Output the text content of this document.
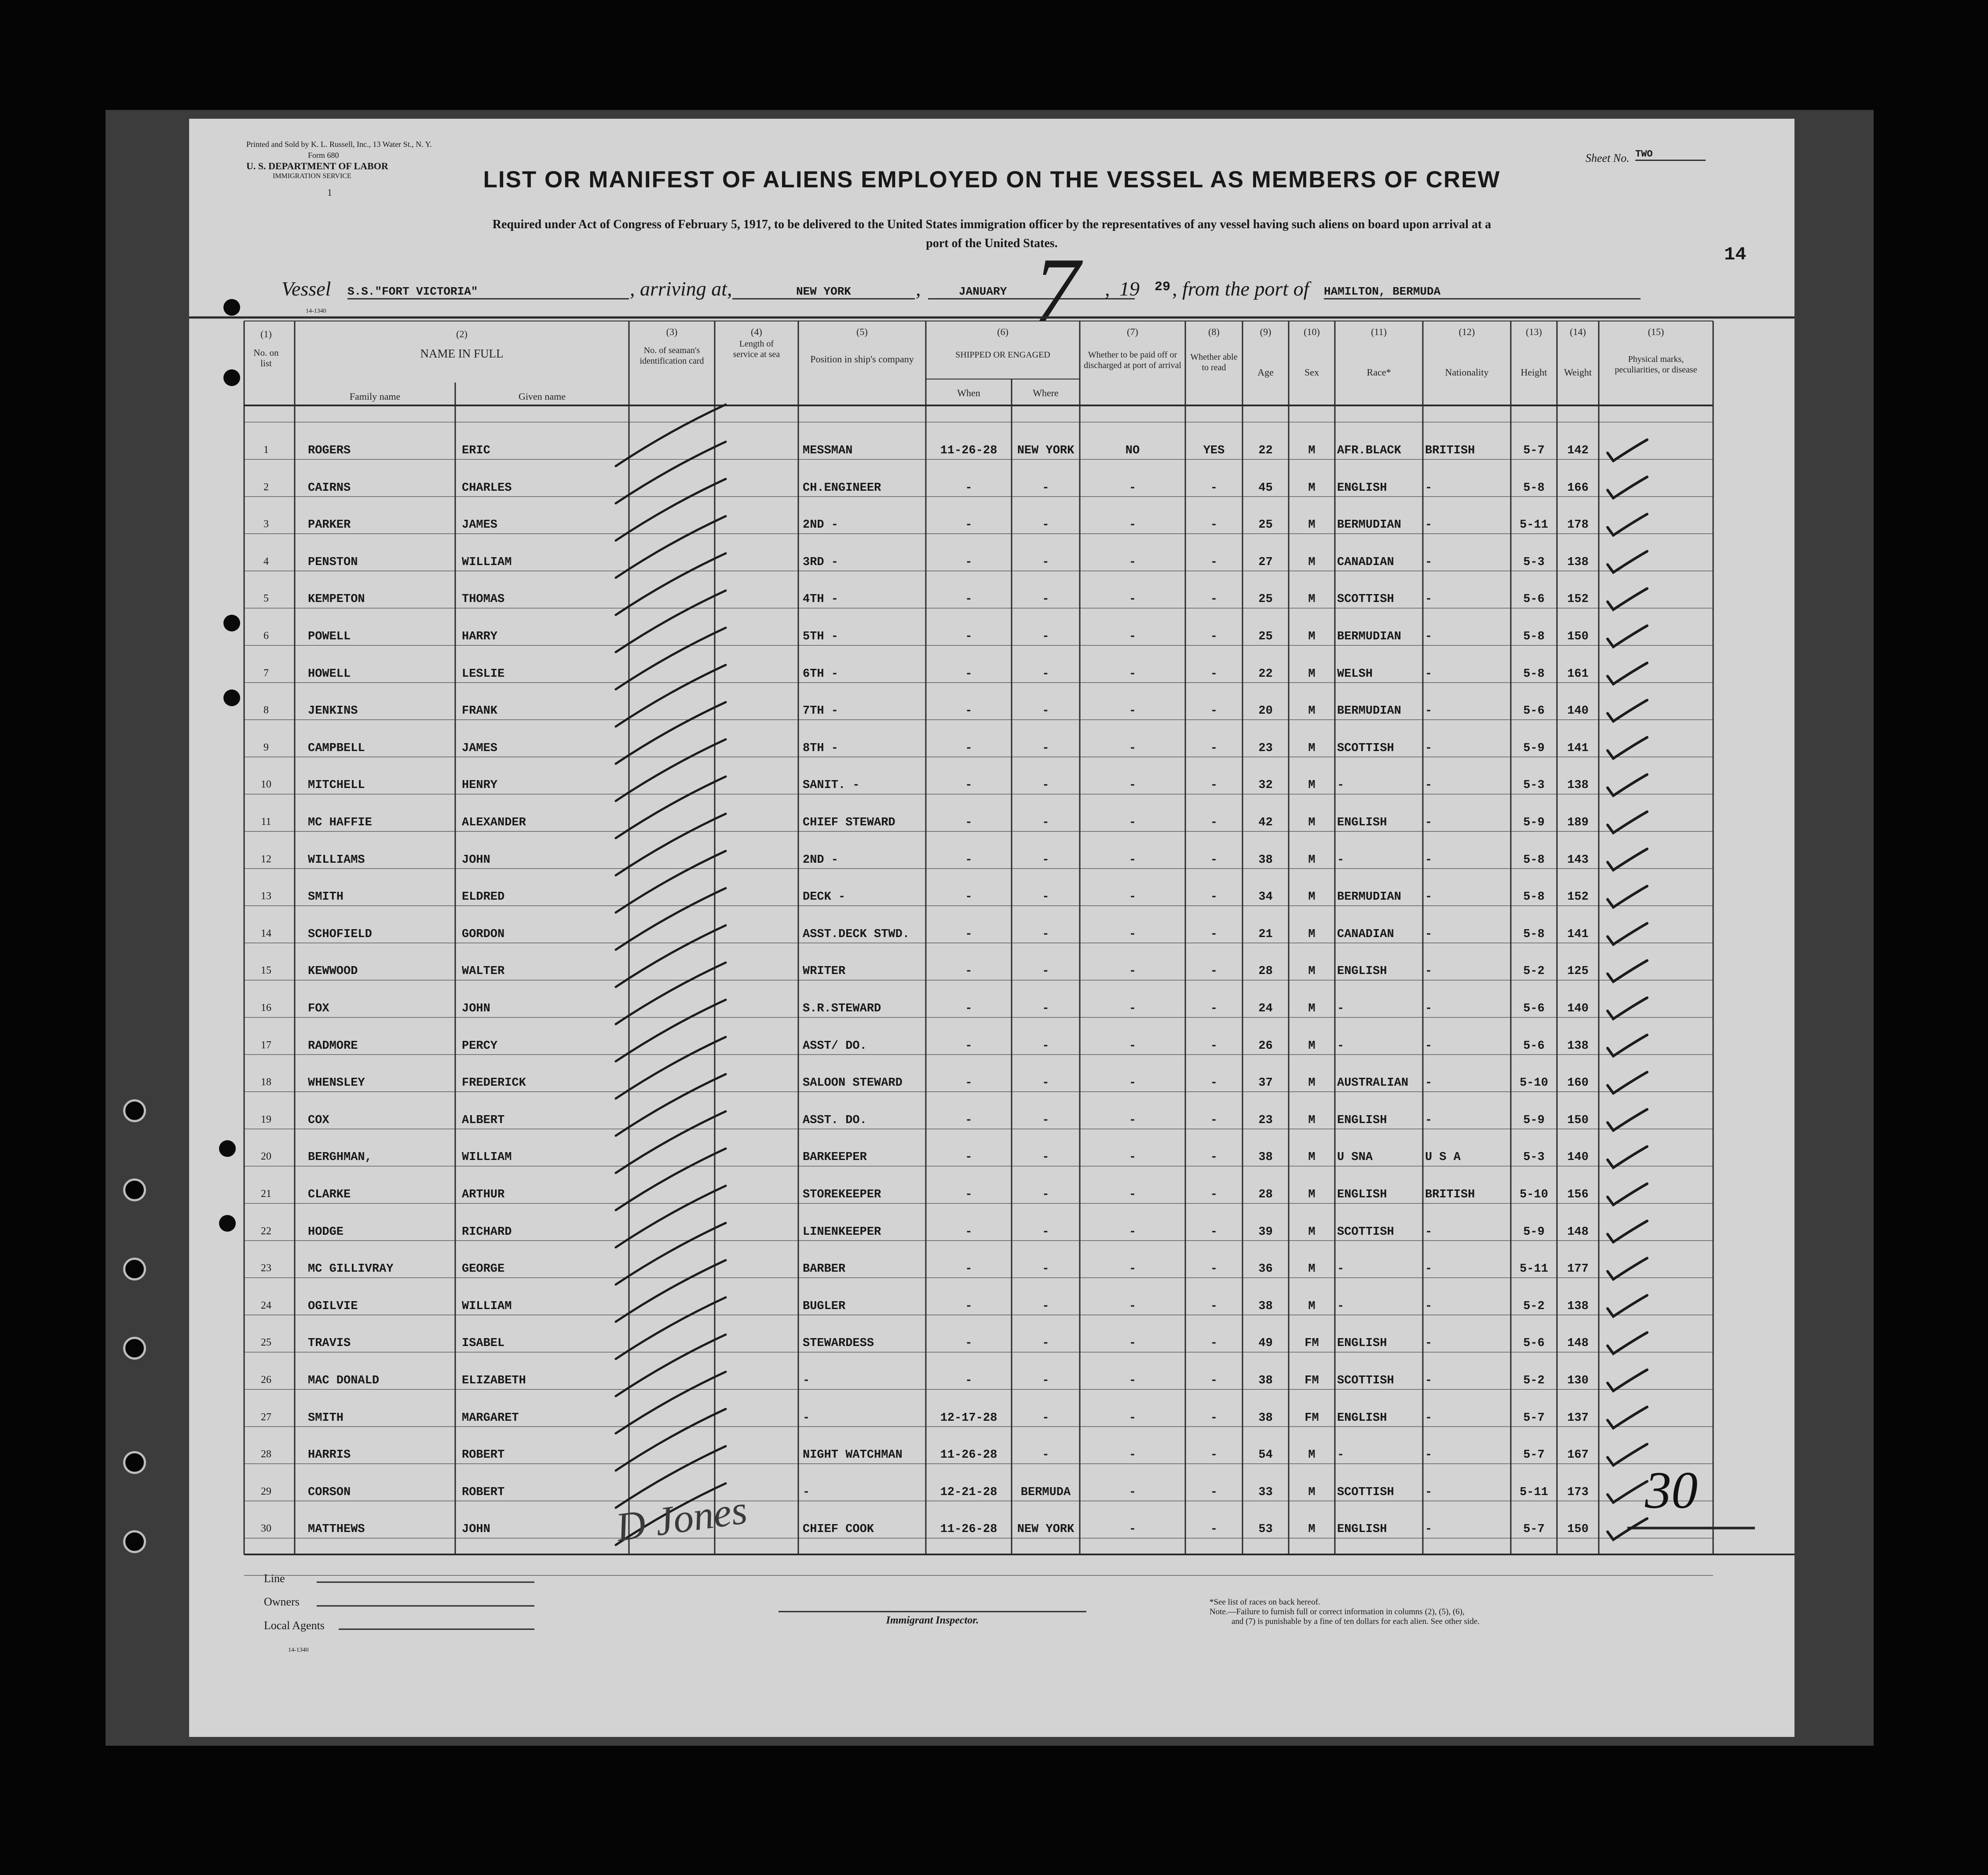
Printed and Sold by K. L. Russell, Inc., 13 Water St., N. Y.
Form 680
U. S. DEPARTMENT OF LABOR
IMMIGRATION SERVICE
1
Sheet No. TWO
LIST OR MANIFEST OF ALIENS EMPLOYED ON THE VESSEL AS MEMBERS OF CREW
Required under Act of Congress of February 5, 1917, to be delivered to the United States immigration officer by the representatives of any vessel having such aliens on board upon arrival at a
port of the United States.
14
Vessel S.S."FORT VICTORIA"	, arriving at,	NEW YORK	,	JANUARY 7 , 19 29 , from the port of HAMILTON, BERMUDA
14-1340
(1)
No. on list
(2)
NAME IN FULL
Family name	Given name
(3)
No. of seaman's identification card
(4)
Length of service at sea
(5)
Position in ship's company
(6)
SHIPPED OR ENGAGED
When	Where
(7)
Whether to be paid off or discharged at port of arrival
(8)
Whether able to read
(9)
Age
(10)
Sex
(11)
Race*
(12)
Nationality
(13)
Height
(14)
Weight
(15)
Physical marks, peculiarities, or disease
1	ROGERS	ERIC	MESSMAN	11-26-28	NEW YORK	NO	YES	22	M	AFR.BLACK	BRITISH	5-7	142
2	CAIRNS	CHARLES	CH.ENGINEER	-	-	-	-	45	M	ENGLISH	-	5-8	166
3	PARKER	JAMES	2ND -	-	-	-	-	25	M	BERMUDIAN	-	5-11	178
4	PENSTON	WILLIAM	3RD -	-	-	-	-	27	M	CANADIAN	-	5-3	138
5	KEMPETON	THOMAS	4TH -	-	-	-	-	25	M	SCOTTISH	-	5-6	152
6	POWELL	HARRY	5TH -	-	-	-	-	25	M	BERMUDIAN	-	5-8	150
7	HOWELL	LESLIE	6TH -	-	-	-	-	22	M	WELSH	-	5-8	161
8	JENKINS	FRANK	7TH -	-	-	-	-	20	M	BERMUDIAN	-	5-6	140
9	CAMPBELL	JAMES	8TH -	-	-	-	-	23	M	SCOTTISH	-	5-9	141
10	MITCHELL	HENRY	SANIT. -	-	-	-	-	32	M	-	-	5-3	138
11	MC HAFFIE	ALEXANDER	CHIEF STEWARD	-	-	-	-	42	M	ENGLISH	-	5-9	189
12	WILLIAMS	JOHN	2ND -	-	-	-	-	38	M	-	-	5-8	143
13	SMITH	ELDRED	DECK -	-	-	-	-	34	M	BERMUDIAN	-	5-8	152
14	SCHOFIELD	GORDON	ASST.DECK STWD.	-	-	-	-	21	M	CANADIAN	-	5-8	141
15	KEWWOOD	WALTER	WRITER	-	-	-	-	28	M	ENGLISH	-	5-2	125
16	FOX	JOHN	S.R.STEWARD	-	-	-	-	24	M	-	-	5-6	140
17	RADMORE	PERCY	ASST/ DO.	-	-	-	-	26	M	-	-	5-6	138
18	WHENSLEY	FREDERICK	SALOON STEWARD	-	-	-	-	37	M	AUSTRALIAN	-	5-10	160
19	COX	ALBERT	ASST. DO.	-	-	-	-	23	M	ENGLISH	-	5-9	150
20	BERGHMAN,	WILLIAM	BARKEEPER	-	-	-	-	38	M	U SNA	U S A	5-3	140
21	CLARKE	ARTHUR	STOREKEEPER	-	-	-	-	28	M	ENGLISH	BRITISH	5-10	156
22	HODGE	RICHARD	LINENKEEPER	-	-	-	-	39	M	SCOTTISH	-	5-9	148
23	MC GILLIVRAY	GEORGE	BARBER	-	-	-	-	36	M	-	-	5-11	177
24	OGILVIE	WILLIAM	BUGLER	-	-	-	-	38	M	-	-	5-2	138
25	TRAVIS	ISABEL	STEWARDESS	-	-	-	-	49	FM	ENGLISH	-	5-6	148
26	MAC DONALD	ELIZABETH	-	-	-	-	-	38	FM	SCOTTISH	-	5-2	130
27	SMITH	MARGARET	-	12-17-28	-	-	-	38	FM	ENGLISH	-	5-7	137
28	HARRIS	ROBERT	NIGHT WATCHMAN	11-26-28	-	-	-	54	M	-	-	5-7	167
29	CORSON	ROBERT	-	12-21-28	BERMUDA	-	-	33	M	SCOTTISH	-	5-11	173
30	MATTHEWS	JOHN	CHIEF COOK	11-26-28	NEW YORK	-	-	53	M	ENGLISH	-	5-7	150
D Jones	30
Line
Owners
Local Agents
14-1340
Immigrant Inspector.
*See list of races on back hereof.
Note.—Failure to furnish full or correct information in columns (2), (5), (6),
and (7) is punishable by a fine of ten dollars for each alien. See other side.
